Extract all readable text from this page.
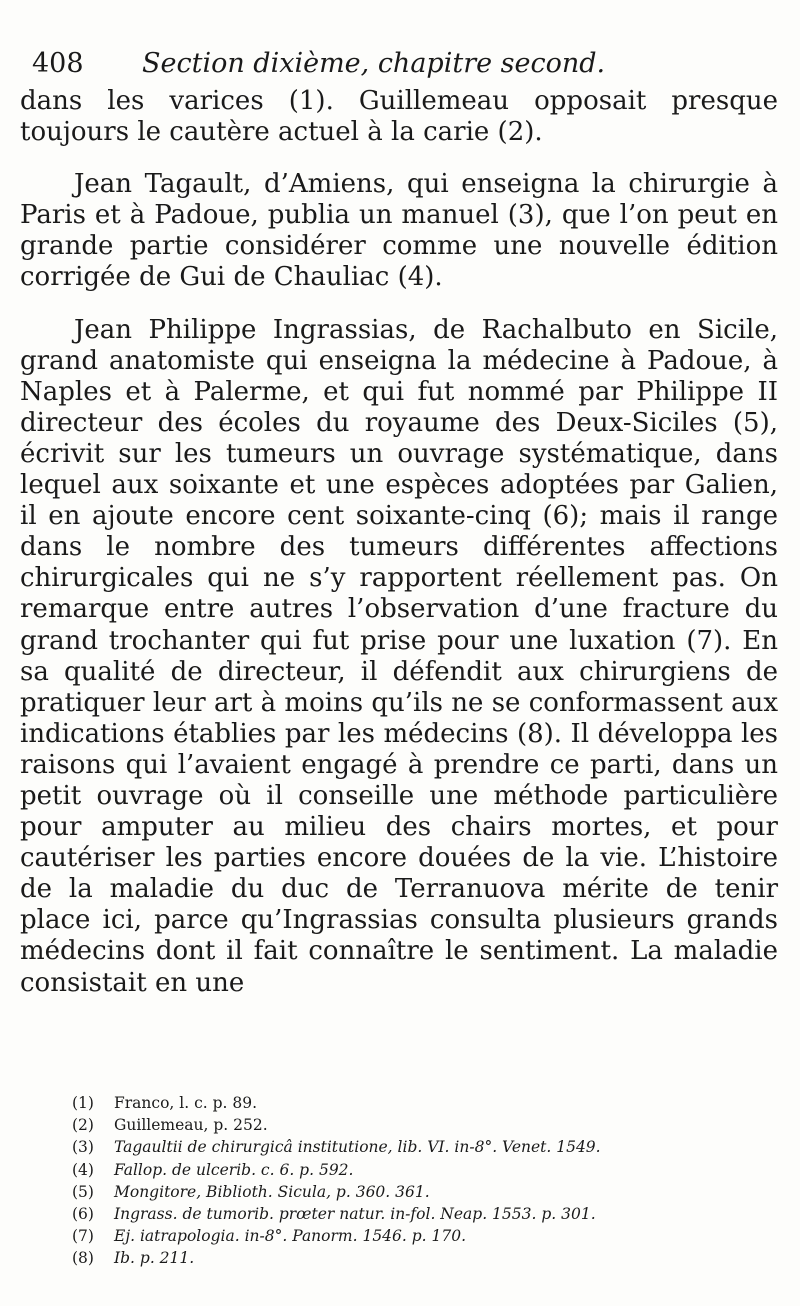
408 Section dixième, chapitre second.

dans les varices (1). Guillemeau opposait presque toujours le cautère actuel à la carie (2).

Jean Tagault, d’Amiens, qui enseigna la chirurgie à Paris et à Padoue, publia un manuel (3), que l’on peut en grande partie considérer comme une nouvelle édition corrigée de Gui de Chauliac (4).

Jean Philippe Ingrassias, de Rachalbuto en Sicile, grand anatomiste qui enseigna la médecine à Padoue, à Naples et à Palerme, et qui fut nommé par Philippe II directeur des écoles du royaume des Deux-Siciles (5), écrivit sur les tumeurs un ouvrage systématique, dans lequel aux soixante et une espèces adoptées par Galien, il en ajoute encore cent soixante-cinq (6); mais il range dans le nombre des tumeurs différentes affections chirurgicales qui ne s’y rapportent réellement pas. On remarque entre autres l’observation d’une fracture du grand trochanter qui fut prise pour une luxation (7). En sa qualité de directeur, il défendit aux chirurgiens de pratiquer leur art à moins qu’ils ne se conformassent aux indications établies par les médecins (8). Il développa les raisons qui l’avaient engagé à prendre ce parti, dans un petit ouvrage où il conseille une méthode particulière pour amputer au milieu des chairs mortes, et pour cautériser les parties encore douées de la vie. L’histoire de la maladie du duc de Terranuova mérite de tenir place ici, parce qu’Ingrassias consulta plusieurs grands médecins dont il fait connaître le sentiment. La maladie consistait en une

(1) Franco, l. c. p. 89.
(2) Guillemeau, p. 252.
(3) Tagaultii de chirurgicâ institutione, lib. VI. in-8°. Venet. 1549.
(4) Fallop. de ulcerib. c. 6. p. 592.
(5) Mongitore, Biblioth. Sicula, p. 360. 361.
(6) Ingrass. de tumorib. prœter natur. in-fol. Neap. 1553. p. 301.
(7) Ej. iatrapologia. in-8°. Panorm. 1546. p. 170.
(8) Ib. p. 211.
